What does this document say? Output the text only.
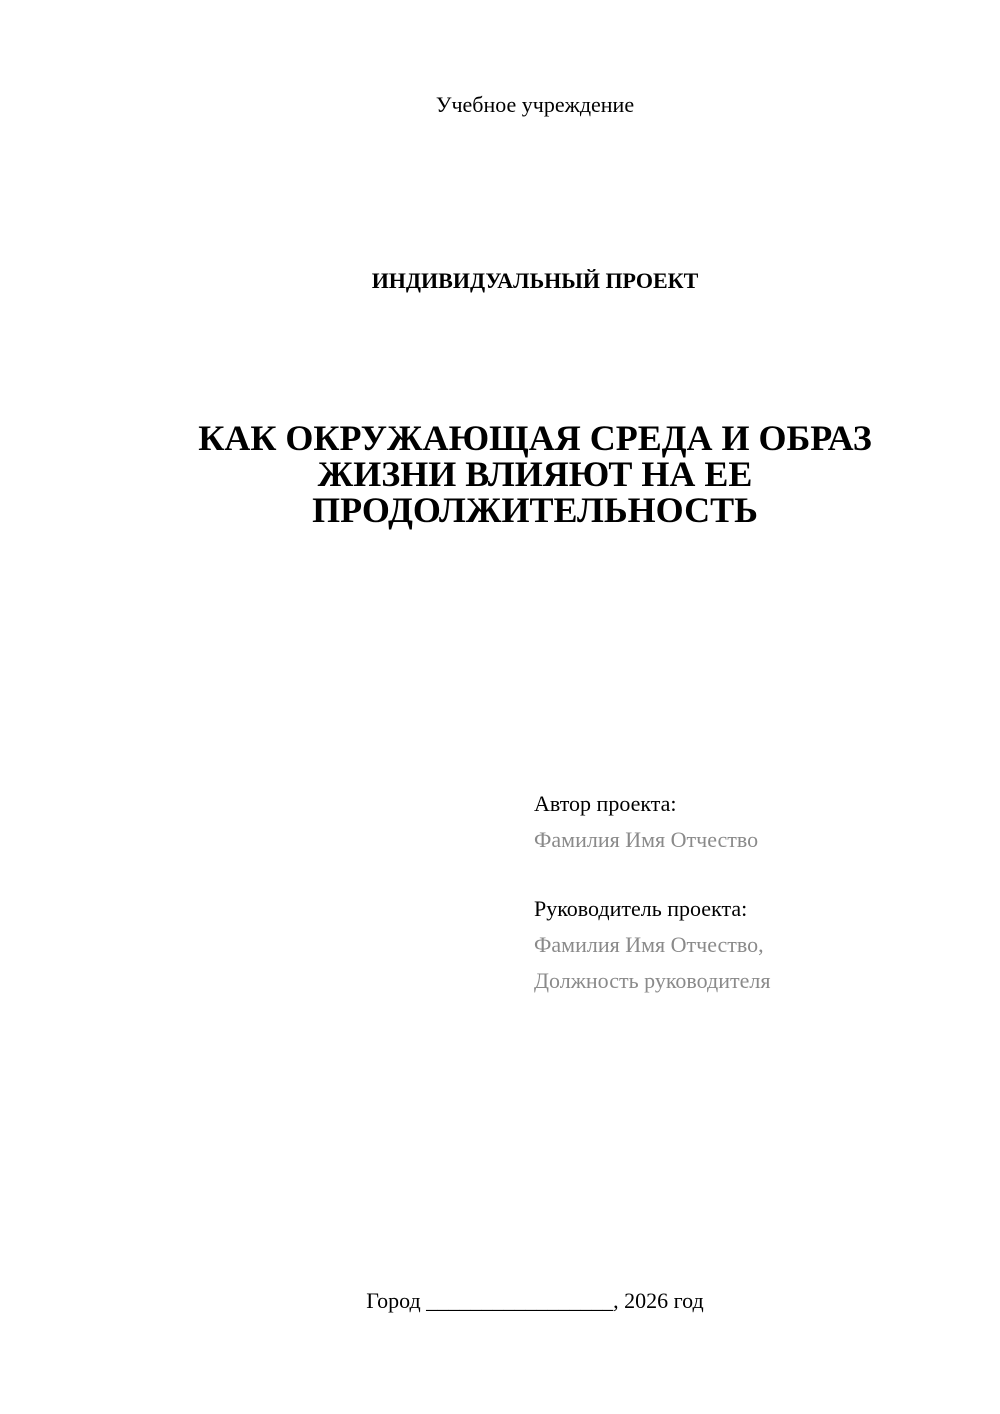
Учебное учреждение
ИНДИВИДУАЛЬНЫЙ ПРОЕКТ
КАК ОКРУЖАЮЩАЯ СРЕДА И ОБРАЗ
ЖИЗНИ ВЛИЯЮТ НА ЕЕ
ПРОДОЛЖИТЕЛЬНОСТЬ
Автор проекта:
Фамилия Имя Отчество
Руководитель проекта:
Фамилия Имя Отчество,
Должность руководителя
Город _________________, 2026 год
